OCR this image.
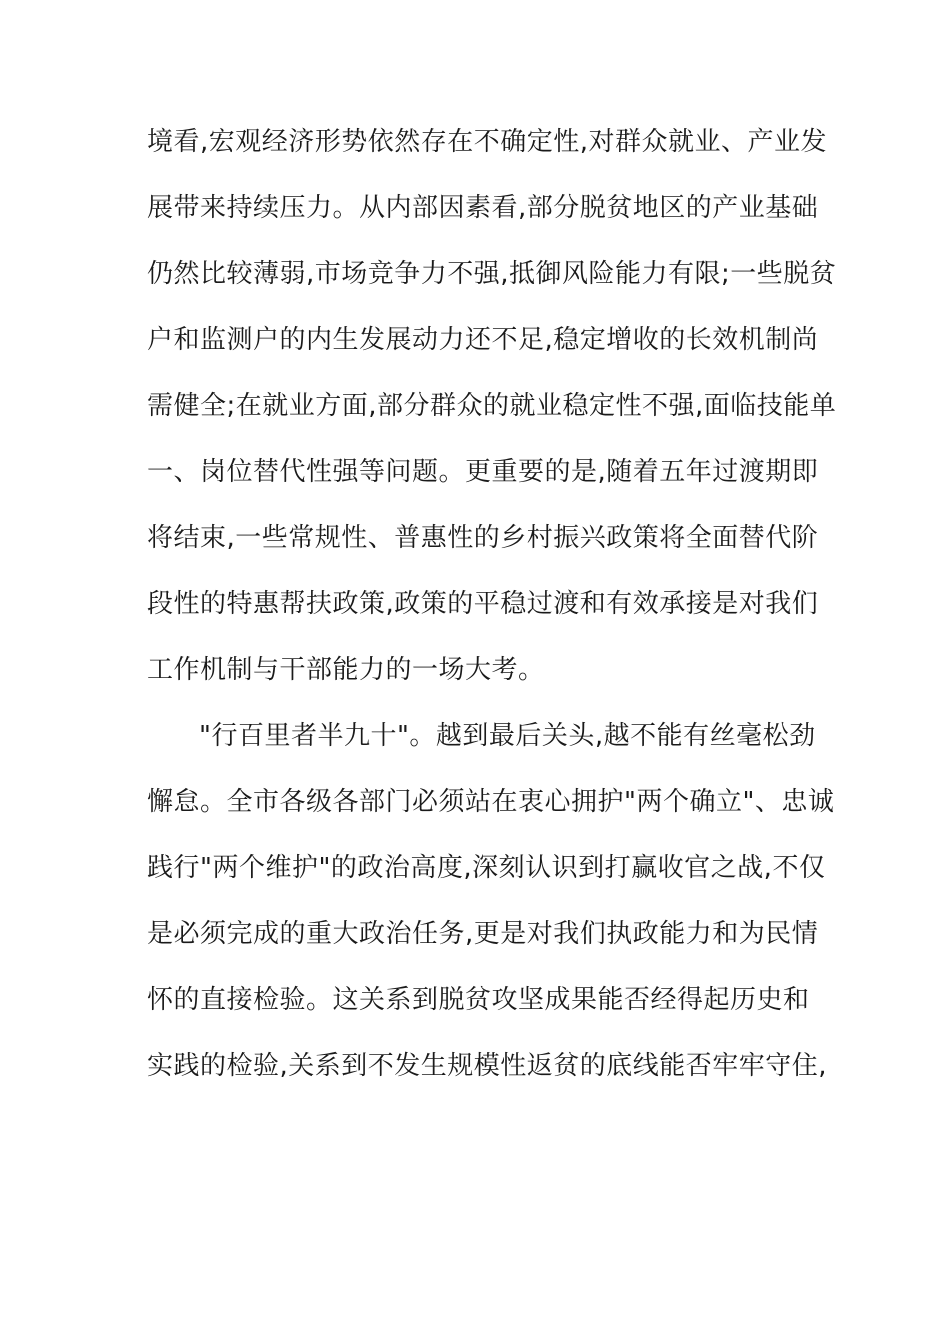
境看,宏观经济形势依然存在不确定性,对群众就业、产业发
展带来持续压力。从内部因素看,部分脱贫地区的产业基础
仍然比较薄弱,市场竞争力不强,抵御风险能力有限;一些脱贫
户和监测户的内生发展动力还不足,稳定增收的长效机制尚
需健全;在就业方面,部分群众的就业稳定性不强,面临技能单
一、岗位替代性强等问题。更重要的是,随着五年过渡期即
将结束,一些常规性、普惠性的乡村振兴政策将全面替代阶
段性的特惠帮扶政策,政策的平稳过渡和有效承接是对我们
工作机制与干部能力的一场大考。
"行百里者半九十"。越到最后关头,越不能有丝毫松劲
懈怠。全市各级各部门必须站在衷心拥护"两个确立"、忠诚
践行"两个维护"的政治高度,深刻认识到打赢收官之战,不仅
是必须完成的重大政治任务,更是对我们执政能力和为民情
怀的直接检验。这关系到脱贫攻坚成果能否经得起历史和
实践的检验,关系到不发生规模性返贫的底线能否牢牢守住,
